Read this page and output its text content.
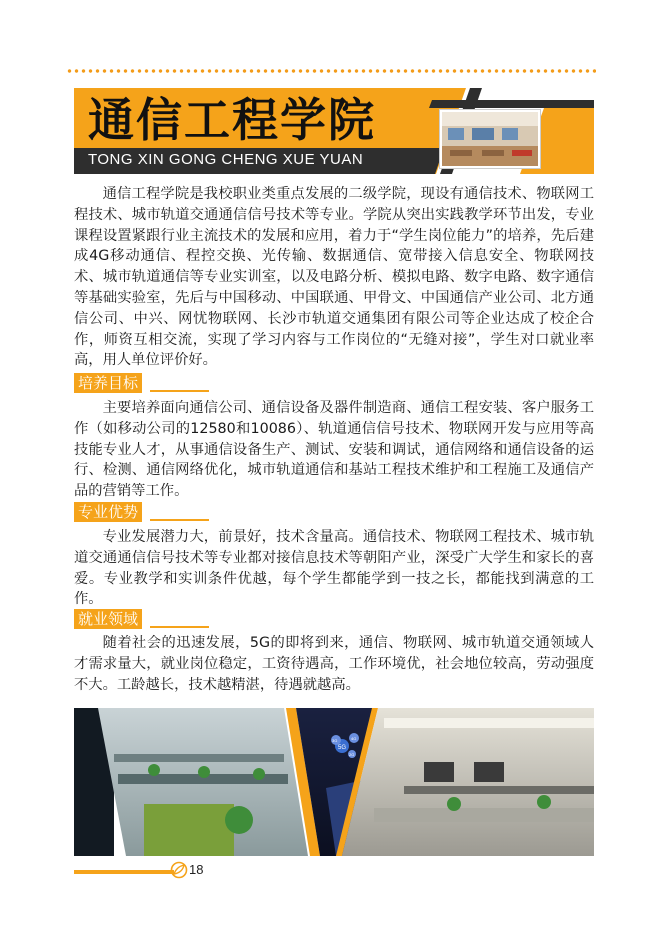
通信工程学院
TONG XIN GONG CHENG XUE YUAN

通信工程学院是我校职业类重点发展的二级学院，现设有通信技术、物联网工程技术、城市轨道交通通信信号技术等专业。学院从突出实践教学环节出发，专业课程设置紧跟行业主流技术的发展和应用，着力于“学生岗位能力”的培养，先后建成4G移动通信、程控交换、光传输、数据通信、宽带接入信息安全、物联网技术、城市轨道通信等专业实训室，以及电路分析、模拟电路、数字电路、数字通信等基础实验室，先后与中国移动、中国联通、甲骨文、中国通信产业公司、北方通信公司、中兴、网忧物联网、长沙市轨道交通集团有限公司等企业达成了校企合作，师资互相交流，实现了学习内容与工作岗位的“无缝对接”，学生对口就业率高，用人单位评价好。

培养目标

主要培养面向通信公司、通信设备及器件制造商、通信工程安装、客户服务工作（如移动公司的12580和10086）、轨道通信信号技术、物联网开发与应用等高技能专业人才，从事通信设备生产、测试、安装和调试，通信网络和通信设备的运行、检测、通信网络优化，城市轨道通信和基站工程技术维护和工程施工及通信产品的营销等工作。

专业优势

专业发展潜力大，前景好，技术含量高。通信技术、物联网工程技术、城市轨道交通通信信号技术等专业都对接信息技术等朝阳产业，深受广大学生和家长的喜爱。专业教学和实训条件优越，每个学生都能学到一技之长，都能找到满意的工作。

就业领域

随着社会的迅速发展，5G的即将到来，通信、物联网、城市轨道交通领域人才需求量大，就业岗位稳定，工资待遇高，工作环境优，社会地位较高，劳动强度不大。工龄越长，技术越精湛，待遇就越高。

5G
3G	4G
2G
18
